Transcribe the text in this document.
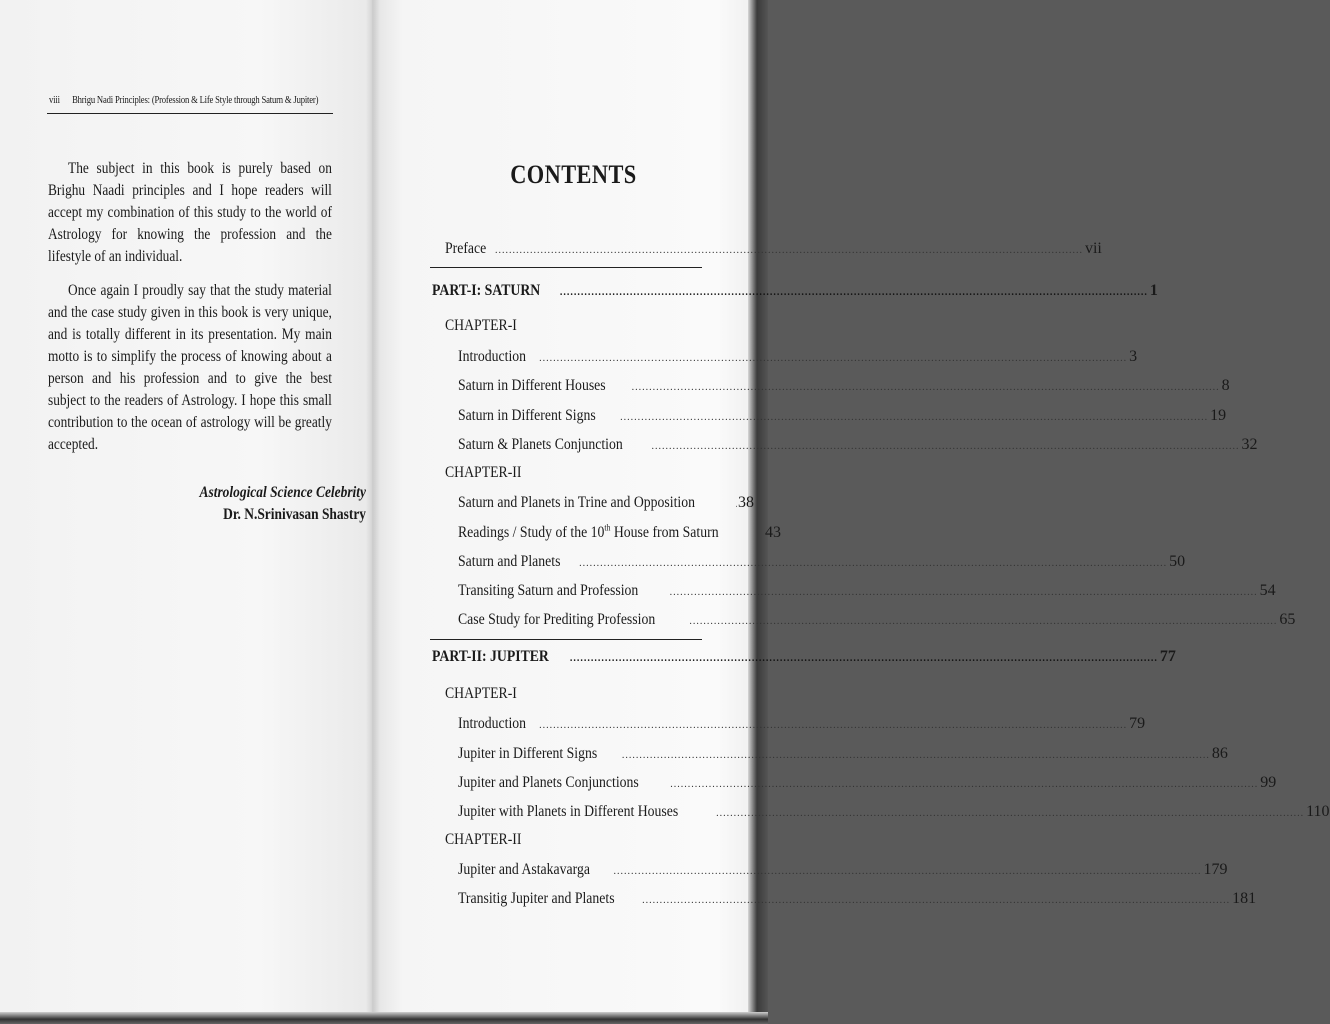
viii Bhrigu Nadi Principles: (Profession & Life Style through Saturn & Jupiter)

The subject in this book is purely based on Brighu Naadi principles and I hope readers will accept my combination of this study to the world of Astrology for knowing the profession and the lifestyle of an individual.

Once again I proudly say that the study material and the case study given in this book is very unique, and is totally different in its presentation. My main motto is to simplify the process of knowing about a person and his profession and to give the best subject to the readers of Astrology. I hope this small contribution to the ocean of astrology will be greatly accepted.

Astrological Science Celebrity
Dr. N.Srinivasan Shastry
CONTENTS
Preface .....	vii
PART-I: SATURN .....	1
CHAPTER-I
Introduction .....	3
Saturn in Different Houses .....	8
Saturn in Different Signs .....	19
Saturn & Planets Conjunction .....	32
CHAPTER-II
Saturn and Planets in Trine and Opposition .....	38
Readings / Study of the 10th House from Saturn	43
Saturn and Planets .....	50
Transiting Saturn and Profession .....	54
Case Study for Prediting Profession .....	65
PART-II: JUPITER .....	77
CHAPTER-I
Introduction .....	79
Jupiter in Different Signs .....	86
Jupiter and Planets Conjunctions .....	99
Jupiter with Planets in Different Houses .....	110
CHAPTER-II
Jupiter and Astakavarga .....	179
Transitig Jupiter and Planets .....	181
